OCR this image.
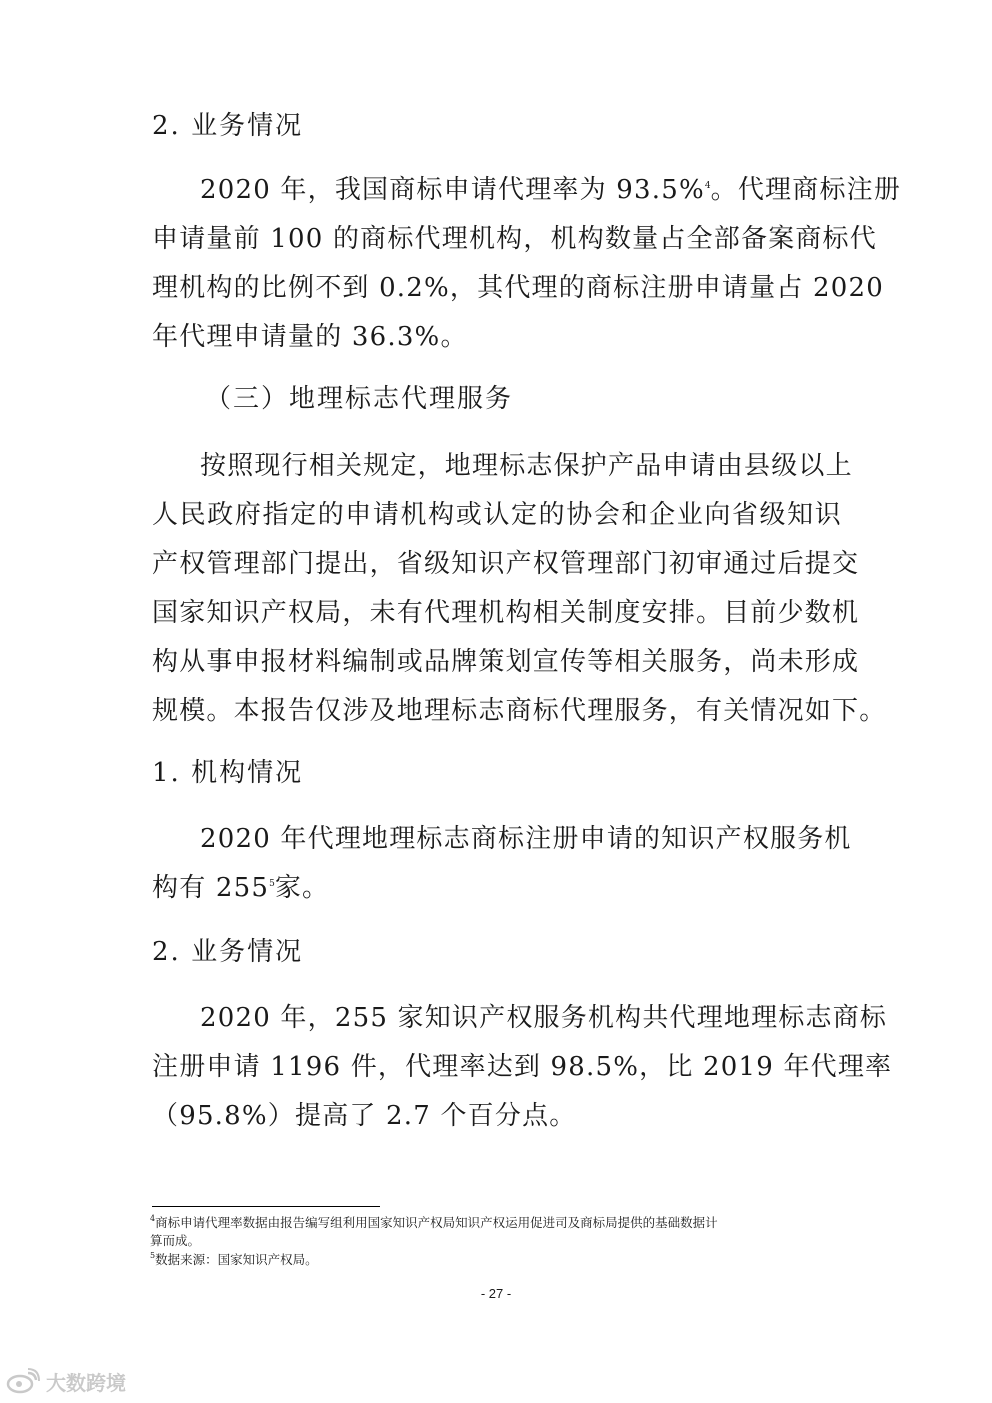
2. 业务情况
2020 年，我国商标申请代理率为 93.5%$^4$。代理商标注册
申请量前 100 的商标代理机构，机构数量占全部备案商标代
理机构的比例不到 0.2%，其代理的商标注册申请量占 2020
年代理申请量的 36.3%。
（三）地理标志代理服务
按照现行相关规定，地理标志保护产品申请由县级以上
人民政府指定的申请机构或认定的协会和企业向省级知识
产权管理部门提出，省级知识产权管理部门初审通过后提交
国家知识产权局，未有代理机构相关制度安排。目前少数机
构从事申报材料编制或品牌策划宣传等相关服务，尚未形成
规模。本报告仅涉及地理标志商标代理服务，有关情况如下。
1. 机构情况
2020 年代理地理标志商标注册申请的知识产权服务机
构有 $255^5$家。
2. 业务情况
2020 年，255 家知识产权服务机构共代理地理标志商标
注册申请 1196 件，代理率达到 98.5%，比 2019 年代理率
（95.8%）提高了 2.7 个百分点。
$^4$商标申请代理率数据由报告编写组利用国家知识产权局知识产权运用促进司及商标局提供的基础数据计
算而成。
$^5$数据来源：国家知识产权局。
- 27 -
大数跨境
